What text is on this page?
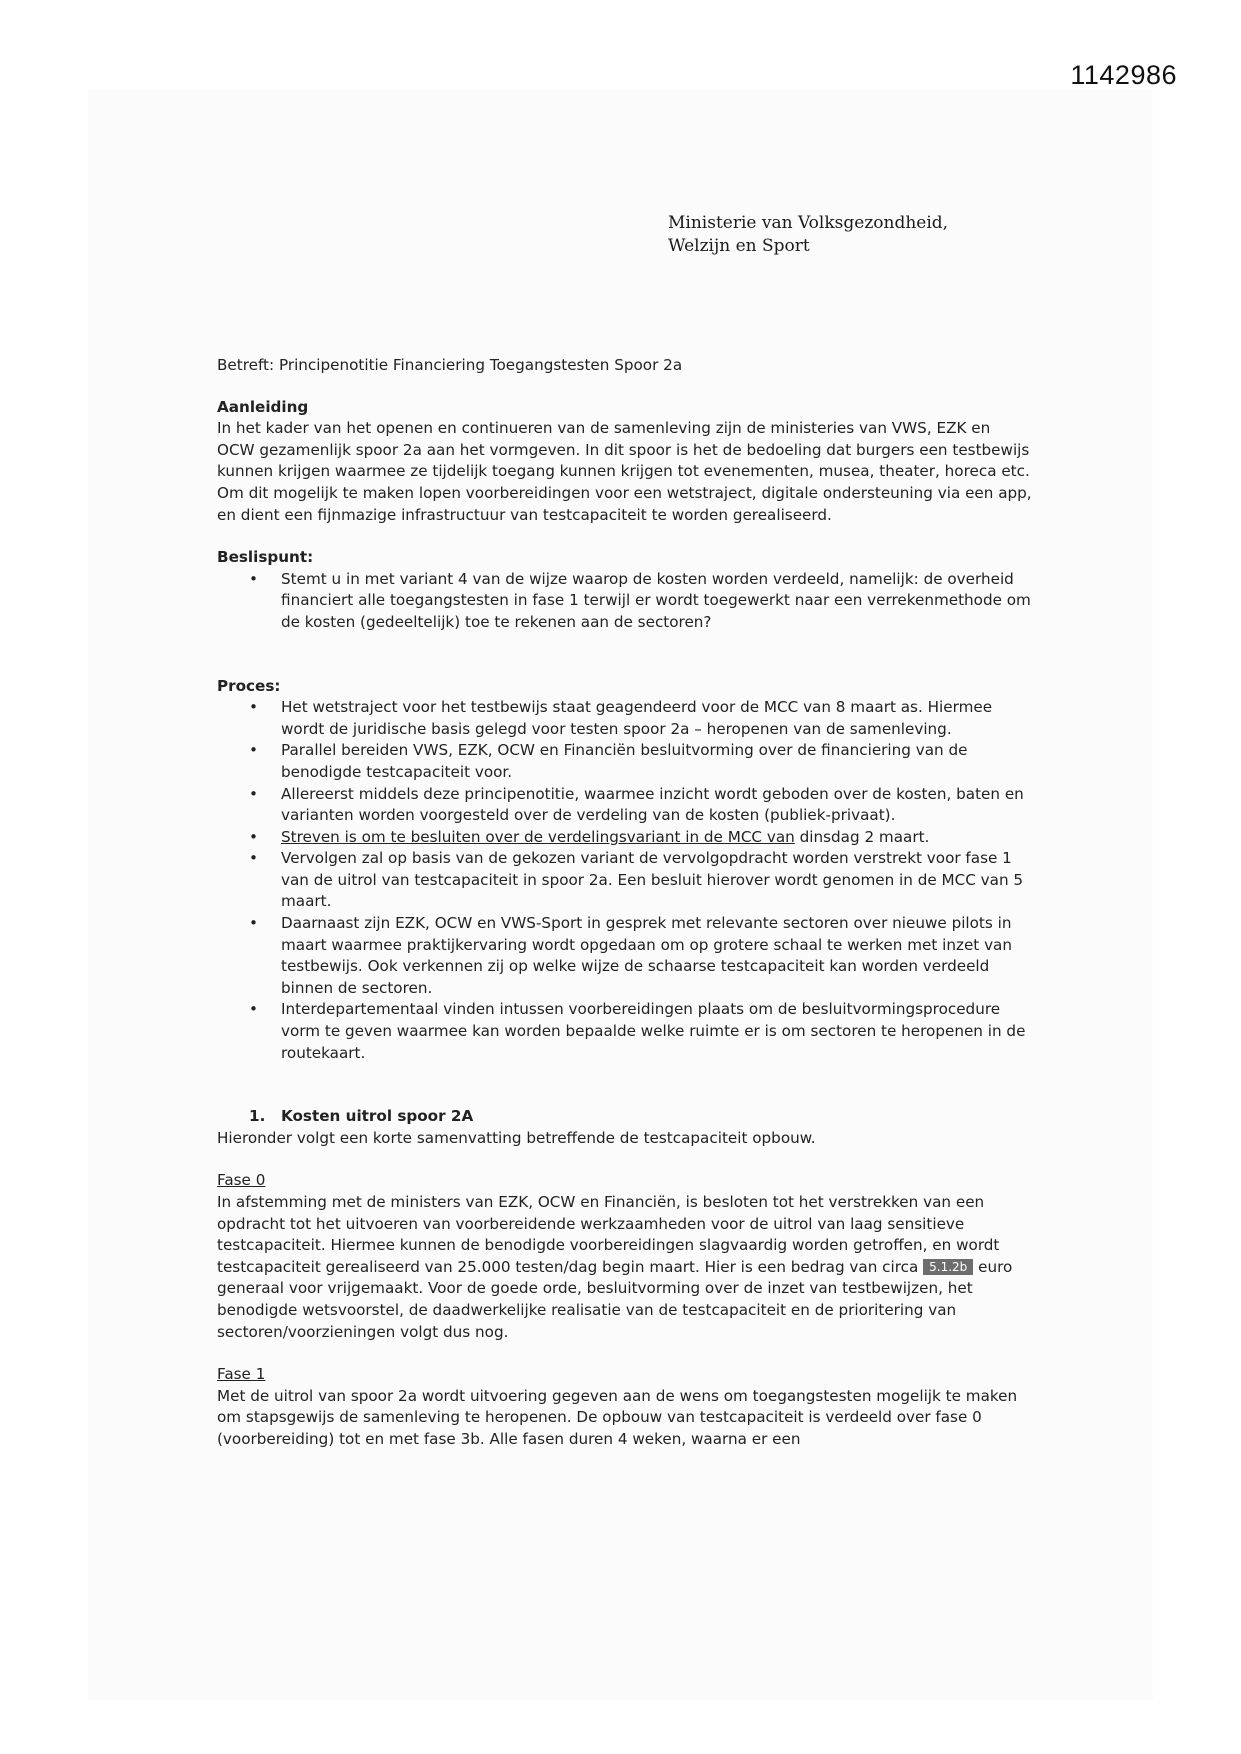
1142986
Ministerie van Volksgezondheid,
Welzijn en Sport

Betreft: Principenotitie Financiering Toegangstesten Spoor 2a

Aanleiding

In het kader van het openen en continueren van de samenleving zijn de ministeries van VWS, EZK en OCW gezamenlijk spoor 2a aan het vormgeven. In dit spoor is het de bedoeling dat burgers een testbewijs kunnen krijgen waarmee ze tijdelijk toegang kunnen krijgen tot evenementen, musea, theater, horeca etc. Om dit mogelijk te maken lopen voorbereidingen voor een wetstraject, digitale ondersteuning via een app, en dient een fijnmazige infrastructuur van testcapaciteit te worden gerealiseerd.

Beslispunt:

• Stemt u in met variant 4 van de wijze waarop de kosten worden verdeeld, namelijk: de overheid financiert alle toegangstesten in fase 1 terwijl er wordt toegewerkt naar een verrekenmethode om de kosten (gedeeltelijk) toe te rekenen aan de sectoren?

Proces:

• Het wetstraject voor het testbewijs staat geagendeerd voor de MCC van 8 maart as. Hiermee wordt de juridische basis gelegd voor testen spoor 2a – heropenen van de samenleving.
• Parallel bereiden VWS, EZK, OCW en Financiën besluitvorming over de financiering van de benodigde testcapaciteit voor.
• Allereerst middels deze principenotitie, waarmee inzicht wordt geboden over de kosten, baten en varianten worden voorgesteld over de verdeling van de kosten (publiek-privaat).
• Streven is om te besluiten over de verdelingsvariant in de MCC van dinsdag 2 maart.
• Vervolgen zal op basis van de gekozen variant de vervolgopdracht worden verstrekt voor fase 1 van de uitrol van testcapaciteit in spoor 2a. Een besluit hierover wordt genomen in de MCC van 5 maart.
• Daarnaast zijn EZK, OCW en VWS-Sport in gesprek met relevante sectoren over nieuwe pilots in maart waarmee praktijkervaring wordt opgedaan om op grotere schaal te werken met inzet van testbewijs. Ook verkennen zij op welke wijze de schaarse testcapaciteit kan worden verdeeld binnen de sectoren.
• Interdepartementaal vinden intussen voorbereidingen plaats om de besluitvormingsprocedure vorm te geven waarmee kan worden bepaalde welke ruimte er is om sectoren te heropenen in de routekaart.

1. Kosten uitrol spoor 2A

Hieronder volgt een korte samenvatting betreffende de testcapaciteit opbouw.

Fase 0

In afstemming met de ministers van EZK, OCW en Financiën, is besloten tot het verstrekken van een opdracht tot het uitvoeren van voorbereidende werkzaamheden voor de uitrol van laag sensitieve testcapaciteit. Hiermee kunnen de benodigde voorbereidingen slagvaardig worden getroffen, en wordt testcapaciteit gerealiseerd van 25.000 testen/dag begin maart. Hier is een bedrag van circa 5.1.2b euro generaal voor vrijgemaakt. Voor de goede orde, besluitvorming over de inzet van testbewijzen, het benodigde wetsvoorstel, de daadwerkelijke realisatie van de testcapaciteit en de prioritering van sectoren/voorzieningen volgt dus nog.

Fase 1

Met de uitrol van spoor 2a wordt uitvoering gegeven aan de wens om toegangstesten mogelijk te maken om stapsgewijs de samenleving te heropenen. De opbouw van testcapaciteit is verdeeld over fase 0 (voorbereiding) tot en met fase 3b. Alle fasen duren 4 weken, waarna er een
